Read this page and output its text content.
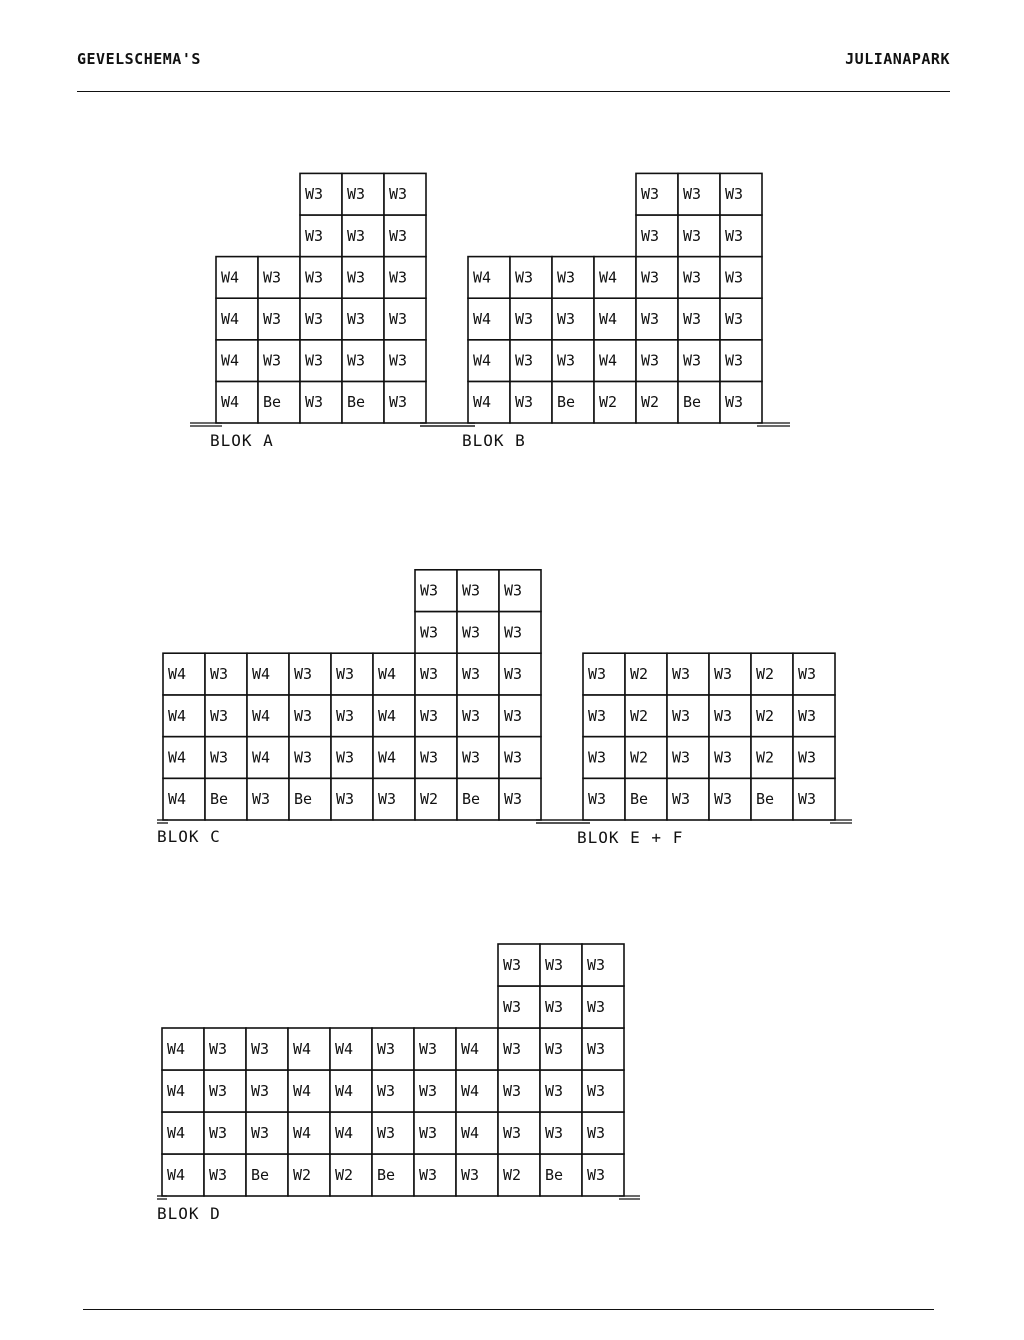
GEVELSCHEMA'S	JULIANAPARK
W4
W4
W4
W4
Be
W3
W3
W3
W3
W3
W3
W3
W3
W3
Be
W3
W3
W3
W3
W3
W3
W3
W3
W3
W3
W3
BLOK A
W4
W4
W4
W4
W3
W3
W3
W3
Be
W3
W3
W3
W2
W4
W4
W4
W2
W3
W3
W3
W3
W3
Be
W3
W3
W3
W3
W3
W3
W3
W3
W3
W3
W3
BLOK B
W4
W4
W4
W4
Be
W3
W3
W3
W3
W4
W4
W4
Be
W3
W3
W3
W3
W3
W3
W3
W3
W4
W4
W4
W2
W3
W3
W3
W3
W3
Be
W3
W3
W3
W3
W3
W3
W3
W3
W3
W3
W3
BLOK C
W3
W3
W3
W3
Be
W2
W2
W2
W3
W3
W3
W3
W3
W3
W3
W3
Be
W2
W2
W2
W3
W3
W3
W3
BLOK E + F
W4
W4
W4
W4
W3
W3
W3
W3
Be
W3
W3
W3
W2
W4
W4
W4
W2
W4
W4
W4
Be
W3
W3
W3
W3
W3
W3
W3
W3
W4
W4
W4
W2
W3
W3
W3
W3
W3
Be
W3
W3
W3
W3
W3
W3
W3
W3
W3
W3
W3
BLOK D
